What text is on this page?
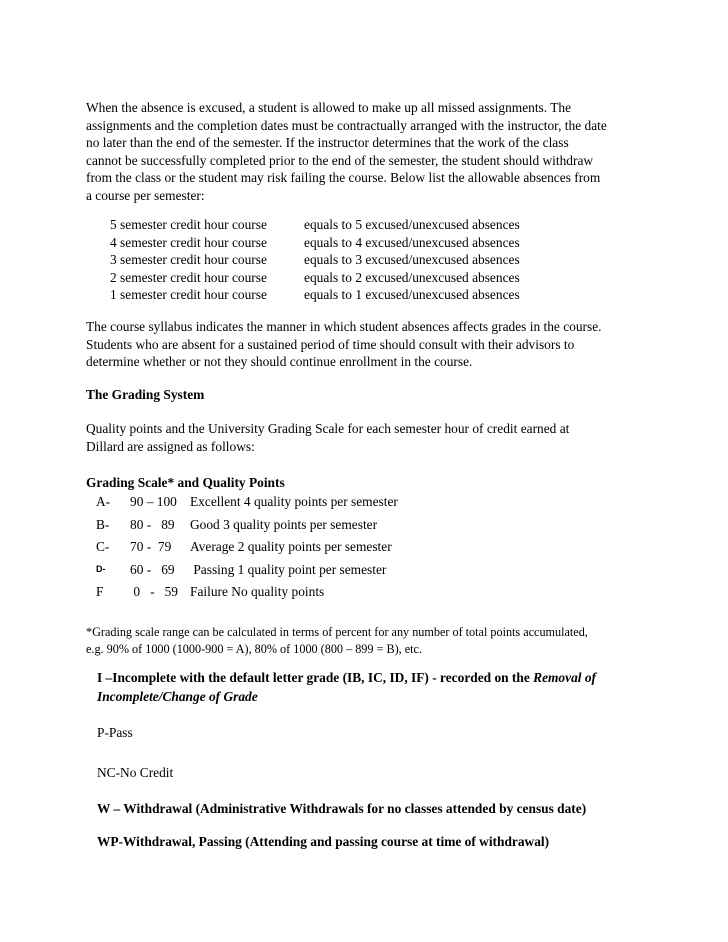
When the absence is excused, a student is allowed to make up all missed assignments. The
assignments and the completion dates must be contractually arranged with the instructor, the date
no later than the end of the semester. If the instructor determines that the work of the class
cannot be successfully completed prior to the end of the semester, the student should withdraw
from the class or the student may risk failing the course. Below list the allowable absences from
a course per semester:

5 semester credit hour course	equals to 5 excused/unexcused absences
4 semester credit hour course	equals to 4 excused/unexcused absences
3 semester credit hour course	equals to 3 excused/unexcused absences
2 semester credit hour course	equals to 2 excused/unexcused absences
1 semester credit hour course	equals to 1 excused/unexcused absences

The course syllabus indicates the manner in which student absences affects grades in the course.
Students who are absent for a sustained period of time should consult with their advisors to
determine whether or not they should continue enrollment in the course.

The Grading System

Quality points and the University Grading Scale for each semester hour of credit earned at
Dillard are assigned as follows:

Grading Scale* and Quality Points
A-	90 – 100	Excellent 4 quality points per semester
B-	80 -   89	Good 3 quality points per semester
C-	70 -  79	Average 2 quality points per semester
D-	60 -   69	Passing 1 quality point per semester
F	0   -   59	Failure No quality points

*Grading scale range can be calculated in terms of percent for any number of total points accumulated,
e.g. 90% of 1000 (1000-900 = A), 80% of 1000 (800 – 899 = B), etc.

I –Incomplete with the default letter grade (IB, IC, ID, IF) - recorded on the Removal of
Incomplete/Change of Grade
P-Pass
NC-No Credit
W – Withdrawal (Administrative Withdrawals for no classes attended by census date)
WP-Withdrawal, Passing (Attending and passing course at time of withdrawal)
